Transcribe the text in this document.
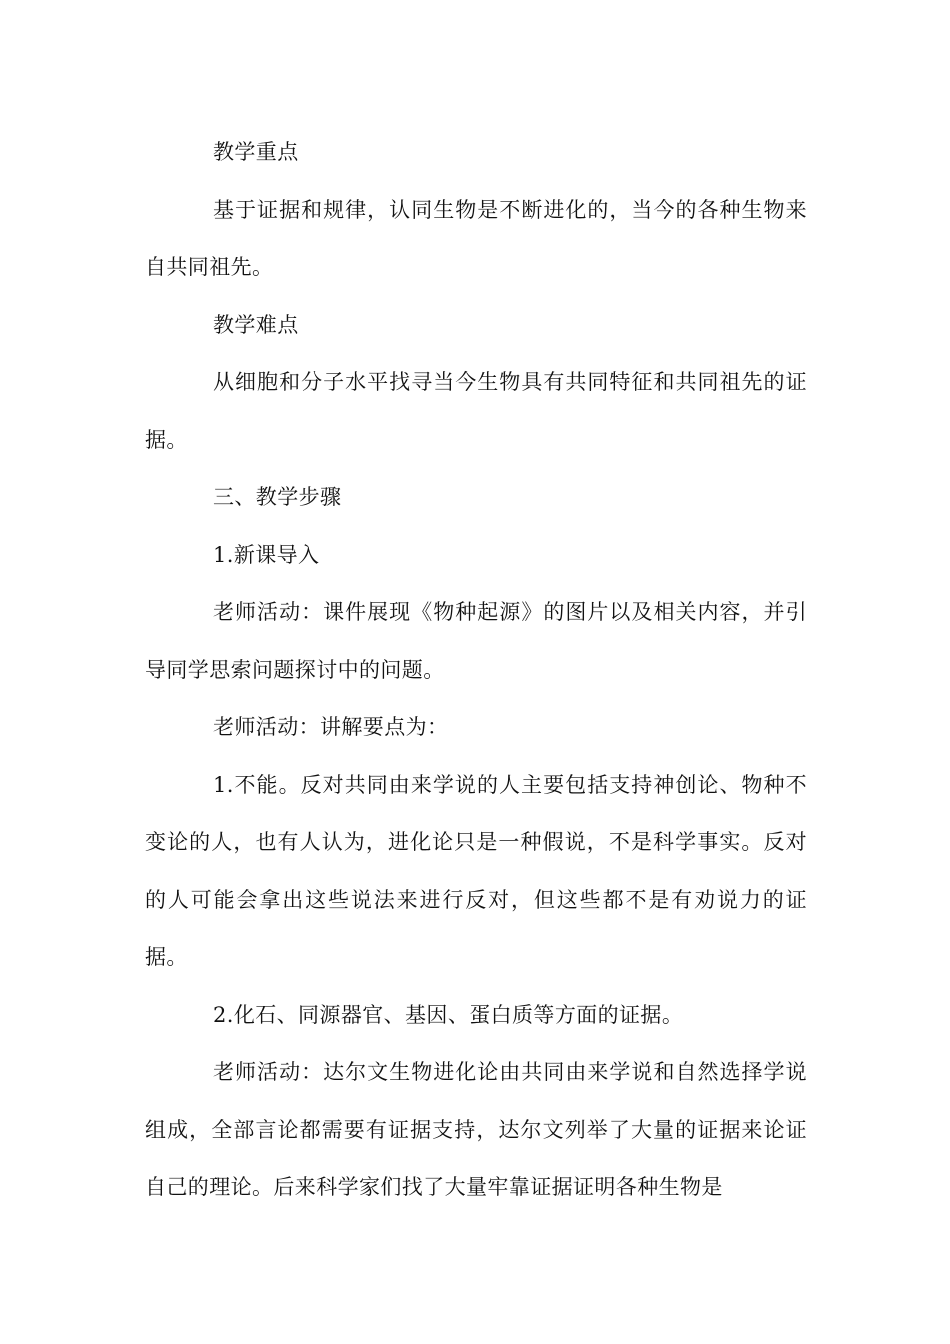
教学重点

基于证据和规律，认同生物是不断进化的，当今的各种生物来自共同祖先。

教学难点

从细胞和分子水平找寻当今生物具有共同特征和共同祖先的证据。

三、教学步骤

1.新课导入

老师活动：课件展现《物种起源》的图片以及相关内容，并引导同学思索问题探讨中的问题。

老师活动：讲解要点为：

1.不能。反对共同由来学说的人主要包括支持神创论、物种不变论的人，也有人认为，进化论只是一种假说，不是科学事实。反对的人可能会拿出这些说法来进行反对，但这些都不是有劝说力的证据。

2.化石、同源器官、基因、蛋白质等方面的证据。

老师活动：达尔文生物进化论由共同由来学说和自然选择学说组成，全部言论都需要有证据支持，达尔文列举了大量的证据来论证自己的理论。后来科学家们找了大量牢靠证据证明各种生物是
